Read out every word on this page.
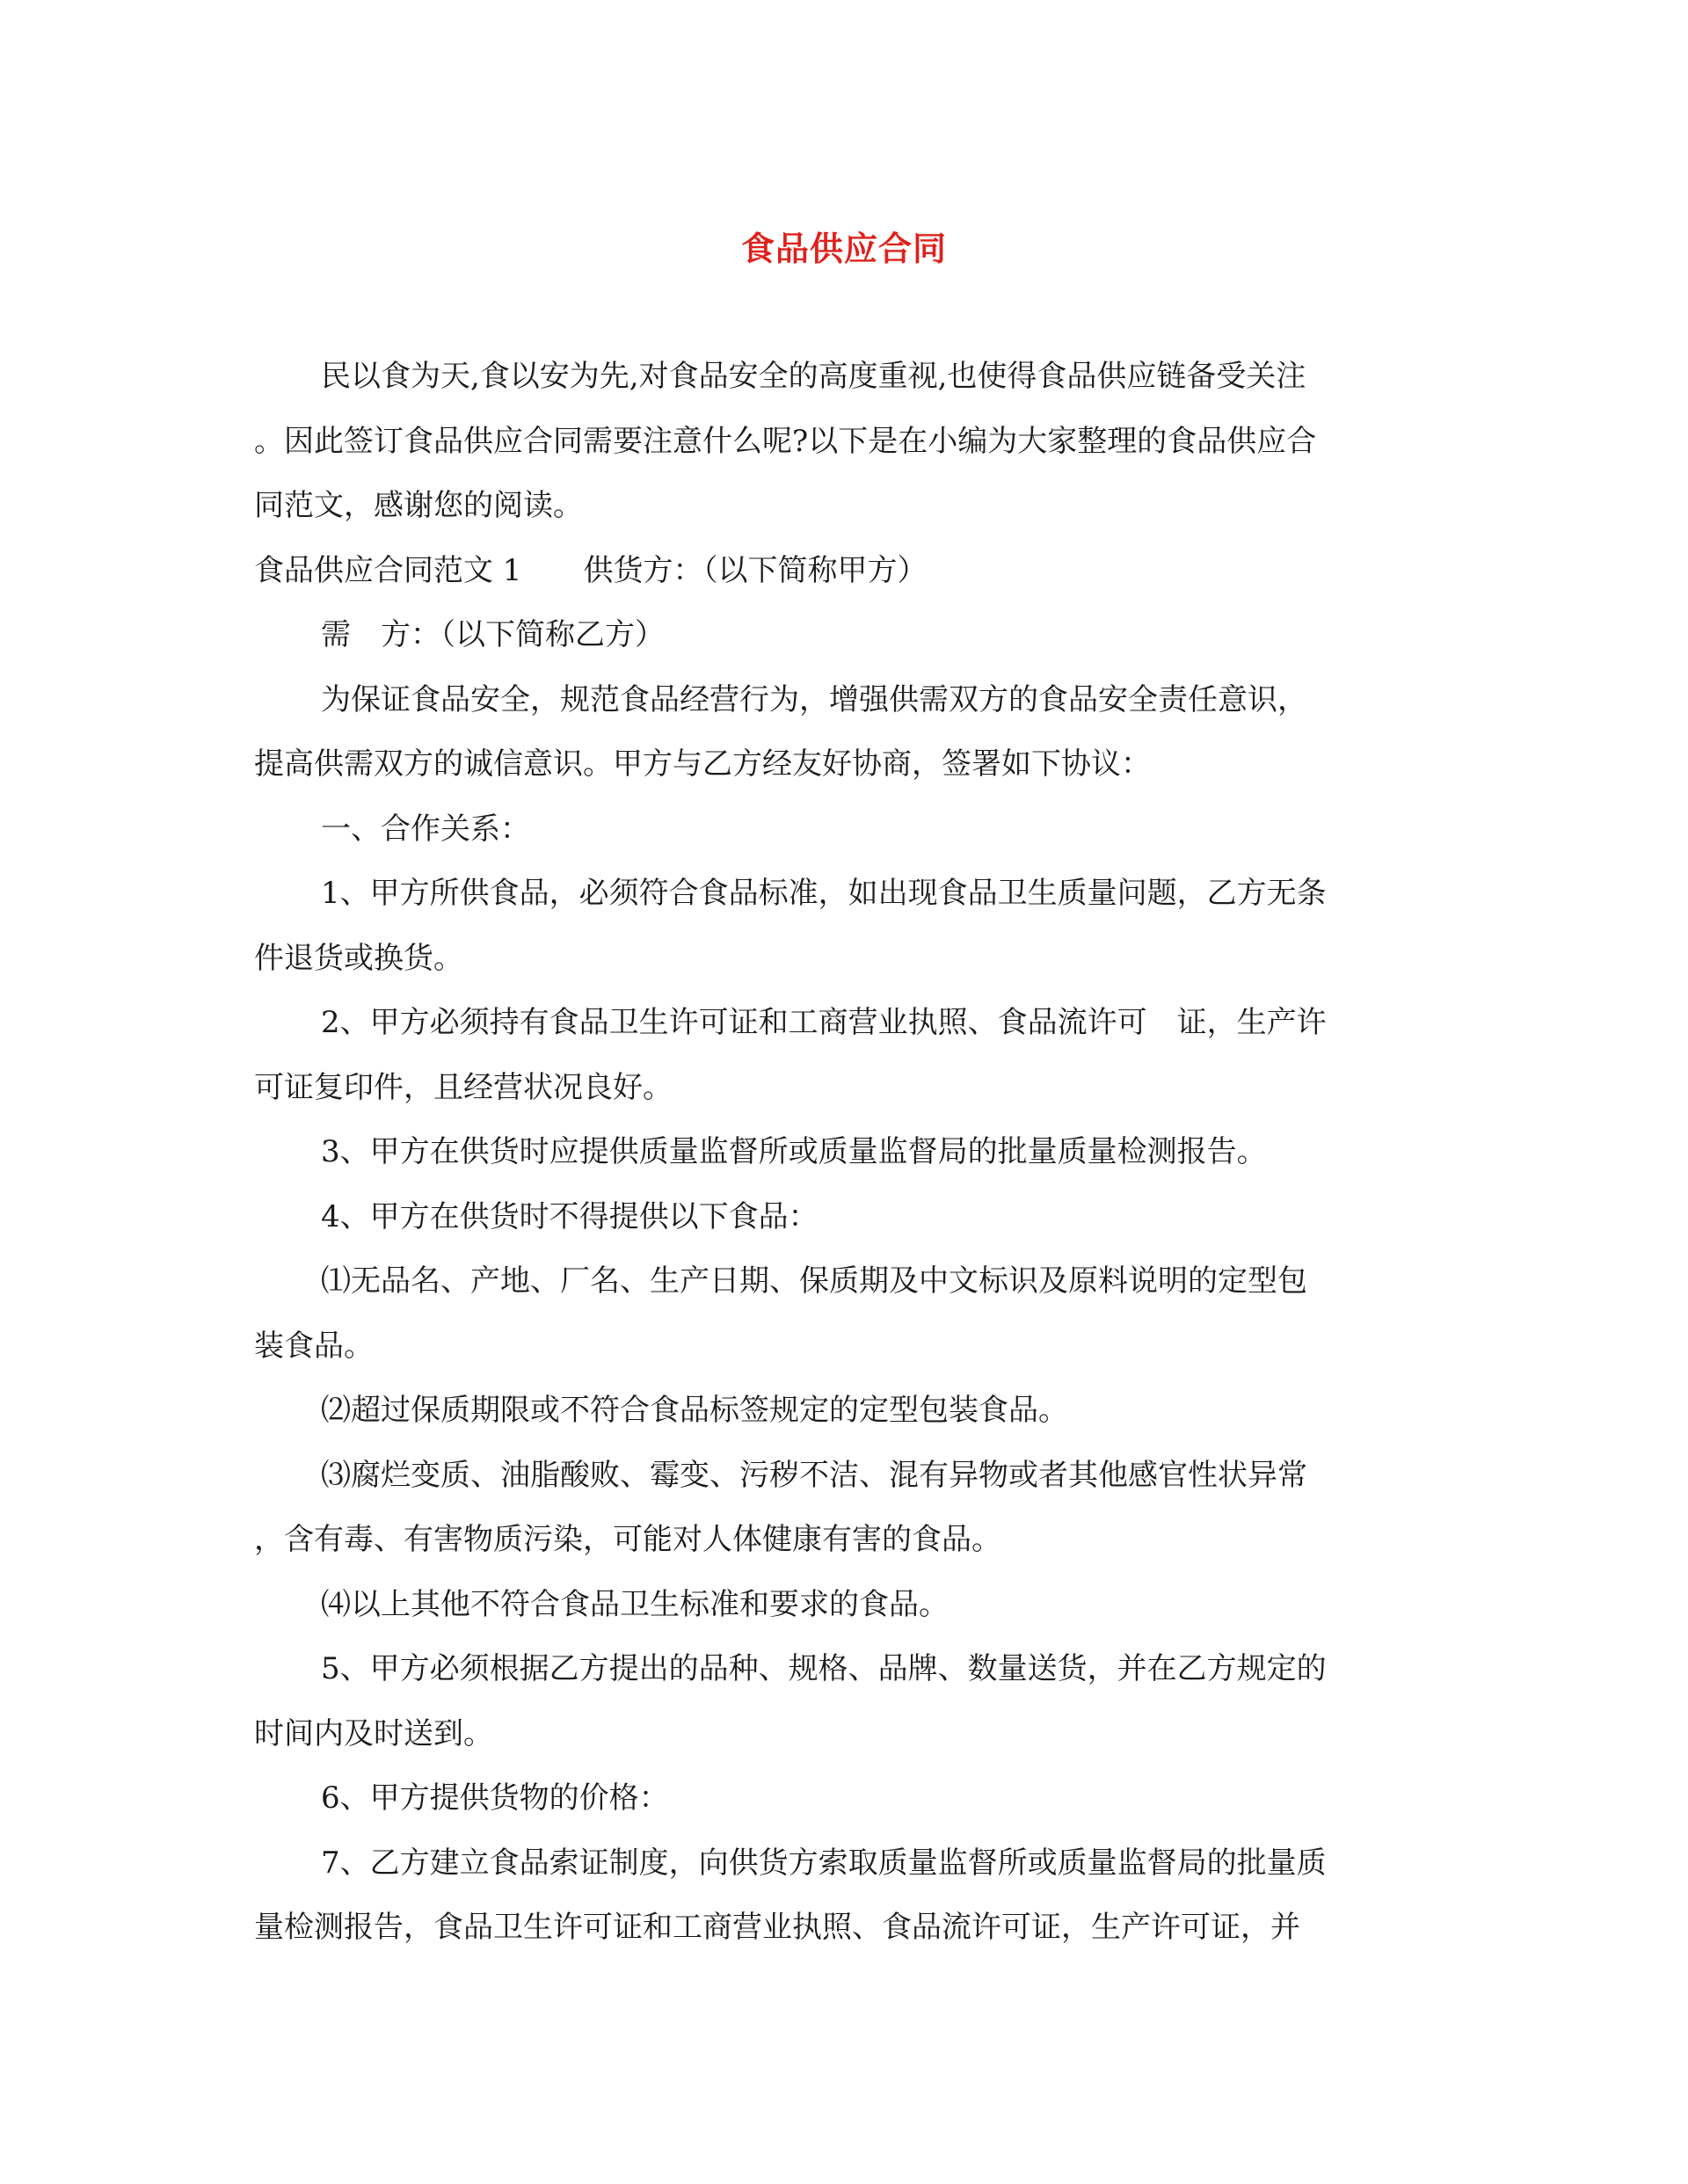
食品供应合同

民以食为天,食以安为先,对食品安全的高度重视,也使得食品供应链备受关注

。因此签订食品供应合同需要注意什么呢?以下是在小编为大家整理的食品供应合

同范文，感谢您的阅读。

食品供应合同范文 1 供货方：（以下简称甲方）

需　方：（以下简称乙方）

为保证食品安全，规范食品经营行为，增强供需双方的食品安全责任意识，

提高供需双方的诚信意识。甲方与乙方经友好协商，签署如下协议：

一、合作关系：

1、甲方所供食品，必须符合食品标准，如出现食品卫生质量问题，乙方无条

件退货或换货。

2、甲方必须持有食品卫生许可证和工商营业执照、食品流许可　证，生产许

可证复印件，且经营状况良好。

3、甲方在供货时应提供质量监督所或质量监督局的批量质量检测报告。

4、甲方在供货时不得提供以下食品：

⑴无品名、产地、厂名、生产日期、保质期及中文标识及原料说明的定型包

装食品。

⑵超过保质期限或不符合食品标签规定的定型包装食品。

⑶腐烂变质、油脂酸败、霉变、污秽不洁、混有异物或者其他感官性状异常

，含有毒、有害物质污染，可能对人体健康有害的食品。

⑷以上其他不符合食品卫生标准和要求的食品。

5、甲方必须根据乙方提出的品种、规格、品牌、数量送货，并在乙方规定的

时间内及时送到。

6、甲方提供货物的价格：

7、乙方建立食品索证制度，向供货方索取质量监督所或质量监督局的批量质

量检测报告，食品卫生许可证和工商营业执照、食品流许可证，生产许可证，并
